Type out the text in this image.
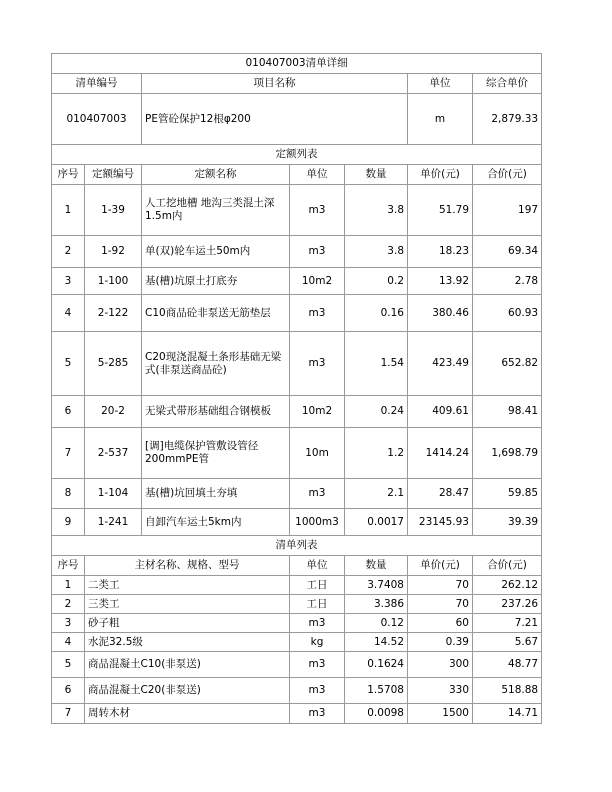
010407003清单详细						
清单编号		项目名称			单位	综合单价
010407003		PE管砼保护12根φ200			m	2,879.33
定额列表						
序号	定额编号	定额名称	单位	数量	单价(元)	合价(元)
1	1-39	人工挖地槽 地沟三类混土深1.5m内	m3	3.8	51.79	197
2	1-92	单(双)轮车运土50m内	m3	3.8	18.23	69.34
3	1-100	基(槽)坑原土打底夯	10m2	0.2	13.92	2.78
4	2-122	C10商品砼非泵送无筋垫层	m3	0.16	380.46	60.93
5	5-285	C20现浇混凝土条形基础无梁式(非泵送商品砼)	m3	1.54	423.49	652.82
6	20-2	无梁式带形基础组合钢模板	10m2	0.24	409.61	98.41
7	2-537	[调]电缆保护管敷设管径200mmPE管	10m	1.2	1414.24	1,698.79
8	1-104	基(槽)坑回填土夯填	m3	2.1	28.47	59.85
9	1-241	自卸汽车运土5km内	1000m3	0.0017	23145.93	39.39
清单列表						
序号	主材名称、规格、型号		单位	数量	单价(元)	合价(元)
1	二类工		工日	3.7408	70	262.12
2	三类工		工日	3.386	70	237.26
3	砂子粗		m3	0.12	60	7.21
4	水泥32.5级		kg	14.52	0.39	5.67
5	商品混凝土C10(非泵送)		m3	0.1624	300	48.77
6	商品混凝土C20(非泵送)		m3	1.5708	330	518.88
7	周转木材		m3	0.0098	1500	14.71
